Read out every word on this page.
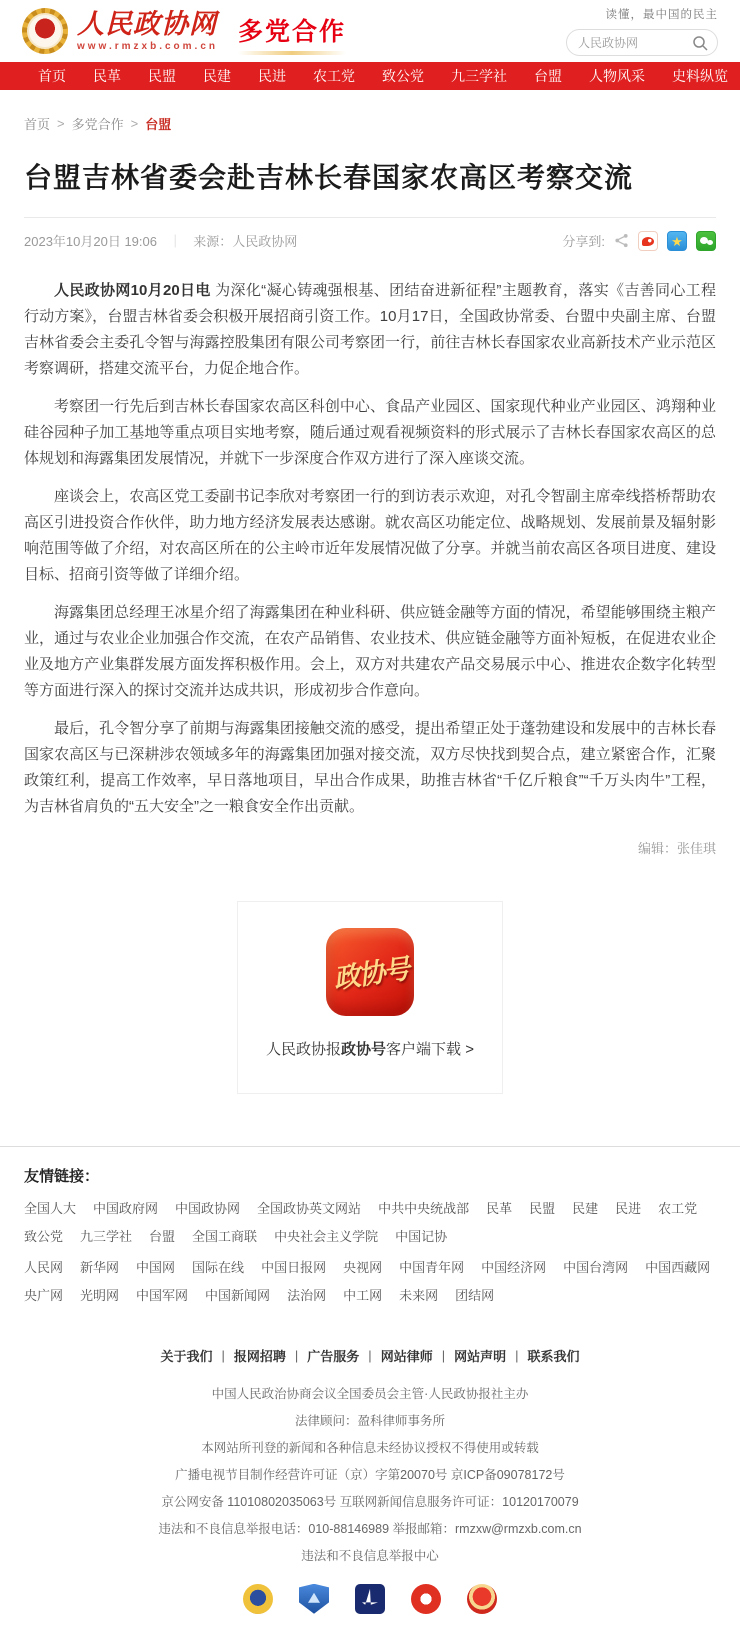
人民政协网
www.rmzxb.com.cn
多党合作
读懂，最中国的民主
人民政协网
首页 民革 民盟 民建 民进 农工党 致公党 九三学社 台盟 人物风采 史料纵览
首页 > 多党合作 > 台盟
台盟吉林省委会赴吉林长春国家农高区考察交流
2023年10月20日 19:06 ｜ 来源：人民政协网	分享到:	★

人民政协网10月20日电 为深化“凝心铸魂强根基、团结奋进新征程”主题教育，落实《吉善同心工程行动方案》，台盟吉林省委会积极开展招商引资工作。10月17日，全国政协常委、台盟中央副主席、台盟吉林省委会主委孔令智与海露控股集团有限公司考察团一行，前往吉林长春国家农业高新技术产业示范区考察调研，搭建交流平台，力促企地合作。

考察团一行先后到吉林长春国家农高区科创中心、食品产业园区、国家现代种业产业园区、鸿翔种业硅谷园种子加工基地等重点项目实地考察，随后通过观看视频资料的形式展示了吉林长春国家农高区的总体规划和海露集团发展情况，并就下一步深度合作双方进行了深入座谈交流。

座谈会上，农高区党工委副书记李欣对考察团一行的到访表示欢迎，对孔令智副主席牵线搭桥帮助农高区引进投资合作伙伴，助力地方经济发展表达感谢。就农高区功能定位、战略规划、发展前景及辐射影响范围等做了介绍，对农高区所在的公主岭市近年发展情况做了分享。并就当前农高区各项目进度、建设目标、招商引资等做了详细介绍。

海露集团总经理王冰星介绍了海露集团在种业科研、供应链金融等方面的情况，希望能够围绕主粮产业，通过与农业企业加强合作交流，在农产品销售、农业技术、供应链金融等方面补短板，在促进农业企业及地方产业集群发展方面发挥积极作用。会上，双方对共建农产品交易展示中心、推进农企数字化转型等方面进行深入的探讨交流并达成共识，形成初步合作意向。

最后，孔令智分享了前期与海露集团接触交流的感受，提出希望正处于蓬勃建设和发展中的吉林长春国家农高区与已深耕涉农领域多年的海露集团加强对接交流，双方尽快找到契合点，建立紧密合作，汇聚政策红利，提高工作效率，早日落地项目，早出合作成果，助推吉林省“千亿斤粮食”“千万头肉牛”工程，为吉林省肩负的“五大安全”之一粮食安全作出贡献。

编辑：张佳琪
政协号
人民政协报政协号客户端下载 >
友情链接：
全国人大 中国政府网 中国政协网 全国政协英文网站 中共中央统战部 民革 民盟 民建 民进 农工党
致公党 九三学社 台盟 全国工商联 中央社会主义学院 中国记协
人民网 新华网 中国网 国际在线 中国日报网 央视网 中国青年网 中国经济网 中国台湾网 中国西藏网
央广网 光明网 中国军网 中国新闻网 法治网 中工网 未来网 团结网
关于我们 | 报网招聘 | 广告服务 | 网站律师 | 网站声明 | 联系我们
中国人民政治协商会议全国委员会主管·人民政协报社主办
法律顾问：盈科律师事务所
本网站所刊登的新闻和各种信息未经协议授权不得使用或转载
广播电视节目制作经营许可证（京）字第20070号 京ICP备09078172号
京公网安备 11010802035063号 互联网新闻信息服务许可证：10120170079
违法和不良信息举报电话：010-88146989 举报邮箱：rmzxw@rmzxb.com.cn
违法和不良信息举报中心
